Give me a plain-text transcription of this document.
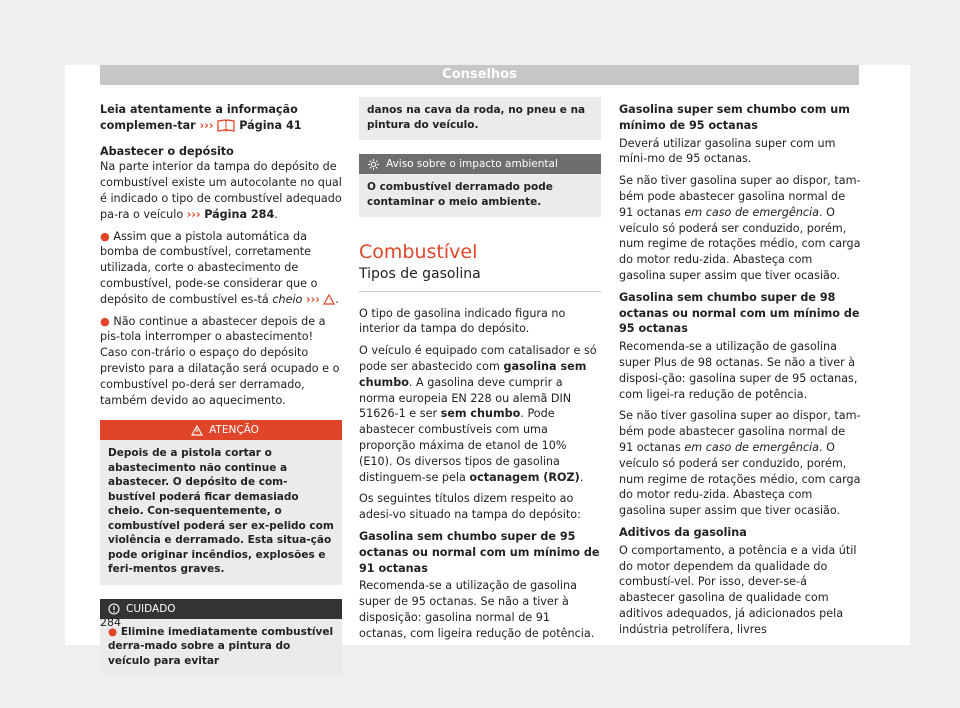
Conselhos

Leia atentamente a informação complemen-tar ››› Página 41

Abastecer o depósito

Na parte interior da tampa do depósito de combustível existe um autocolante no qual é indicado o tipo de combustível adequado pa-ra o veículo ››› Página 284.

● Assim que a pistola automática da bomba de combustível, corretamente utilizada, corte o abastecimento de combustível, pode-se considerar que o depósito de combustível es-tá cheio ››› .

● Não continue a abastecer depois de a pis-tola interromper o abastecimento! Caso con-trário o espaço do depósito previsto para a dilatação será ocupado e o combustível po-derá ser derramado, também devido ao aquecimento.

ATENÇÃO
Depois de a pistola cortar o abastecimento não continue a abastecer. O depósito de com-bustível poderá ficar demasiado cheio. Con-sequentemente, o combustível poderá ser ex-pelido com violência e derramado. Esta situa-ção pode originar incêndios, explosões e feri-mentos graves.
CUIDADO
● Elimine imediatamente combustível derra-mado sobre a pintura do veículo para evitar
danos na cava da roda, no pneu e na pintura do veículo.
Aviso sobre o impacto ambiental
O combustível derramado pode contaminar o meio ambiente.
Combustível
Tipos de gasolina

O tipo de gasolina indicado figura no interior da tampa do depósito.

O veículo é equipado com catalisador e só pode ser abastecido com gasolina sem chumbo. A gasolina deve cumprir a norma europeia EN 228 ou alemã DIN 51626-1 e ser sem chumbo. Pode abastecer combustíveis com uma proporção máxima de etanol de 10% (E10). Os diversos tipos de gasolina distinguem-se pela octanagem (ROZ).

Os seguintes títulos dizem respeito ao adesi-vo situado na tampa do depósito:

Gasolina sem chumbo super de 95 octanas ou normal com um mínimo de 91 octanas

Recomenda-se a utilização de gasolina super de 95 octanas. Se não a tiver à disposição: gasolina normal de 91 octanas, com ligeira redução de potência.

Gasolina super sem chumbo com um mínimo de 95 octanas

Deverá utilizar gasolina super com um míni-mo de 95 octanas.

Se não tiver gasolina super ao dispor, tam-bém pode abastecer gasolina normal de 91 octanas em caso de emergência. O veículo só poderá ser conduzido, porém, num regime de rotações médio, com carga do motor redu-zida. Abasteça com gasolina super assim que tiver ocasião.

Gasolina sem chumbo super de 98 octanas ou normal com um mínimo de 95 octanas

Recomenda-se a utilização de gasolina super Plus de 98 octanas. Se não a tiver à disposi-ção: gasolina super de 95 octanas, com ligei-ra redução de potência.

Se não tiver gasolina super ao dispor, tam-bém pode abastecer gasolina normal de 91 octanas em caso de emergência. O veículo só poderá ser conduzido, porém, num regime de rotações médio, com carga do motor redu-zida. Abasteça com gasolina super assim que tiver ocasião.

Aditivos da gasolina

O comportamento, a potência e a vida útil do motor dependem da qualidade do combustí-vel. Por isso, dever-se-á abastecer gasolina de qualidade com aditivos adequados, já adicionados pela indústria petrolífera, livres

284
